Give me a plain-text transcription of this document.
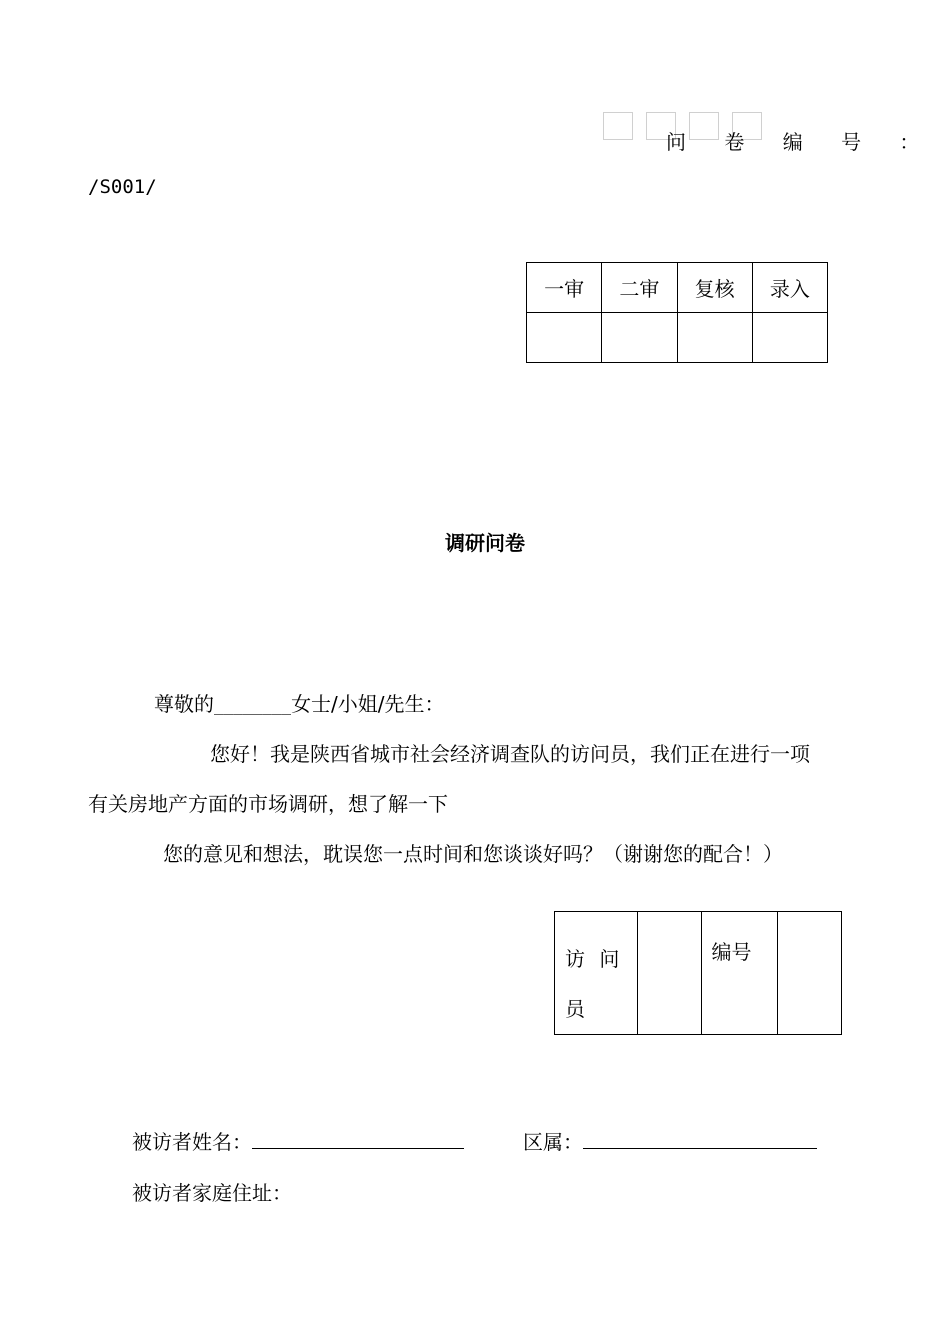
问 卷 编 号 ：
/S001/
一审	二审	复核	录入

调研问卷
尊敬的________女士/小姐/先生：
您好！我是陕西省城市社会经济调查队的访问员，我们正在进行一项
有关房地产方面的市场调研，想了解一下
您的意见和想法，耽误您一点时间和您谈谈好吗？（谢谢您的配合！）
访 问 员		编号	
被访者姓名：	区属：
被访者家庭住址：
